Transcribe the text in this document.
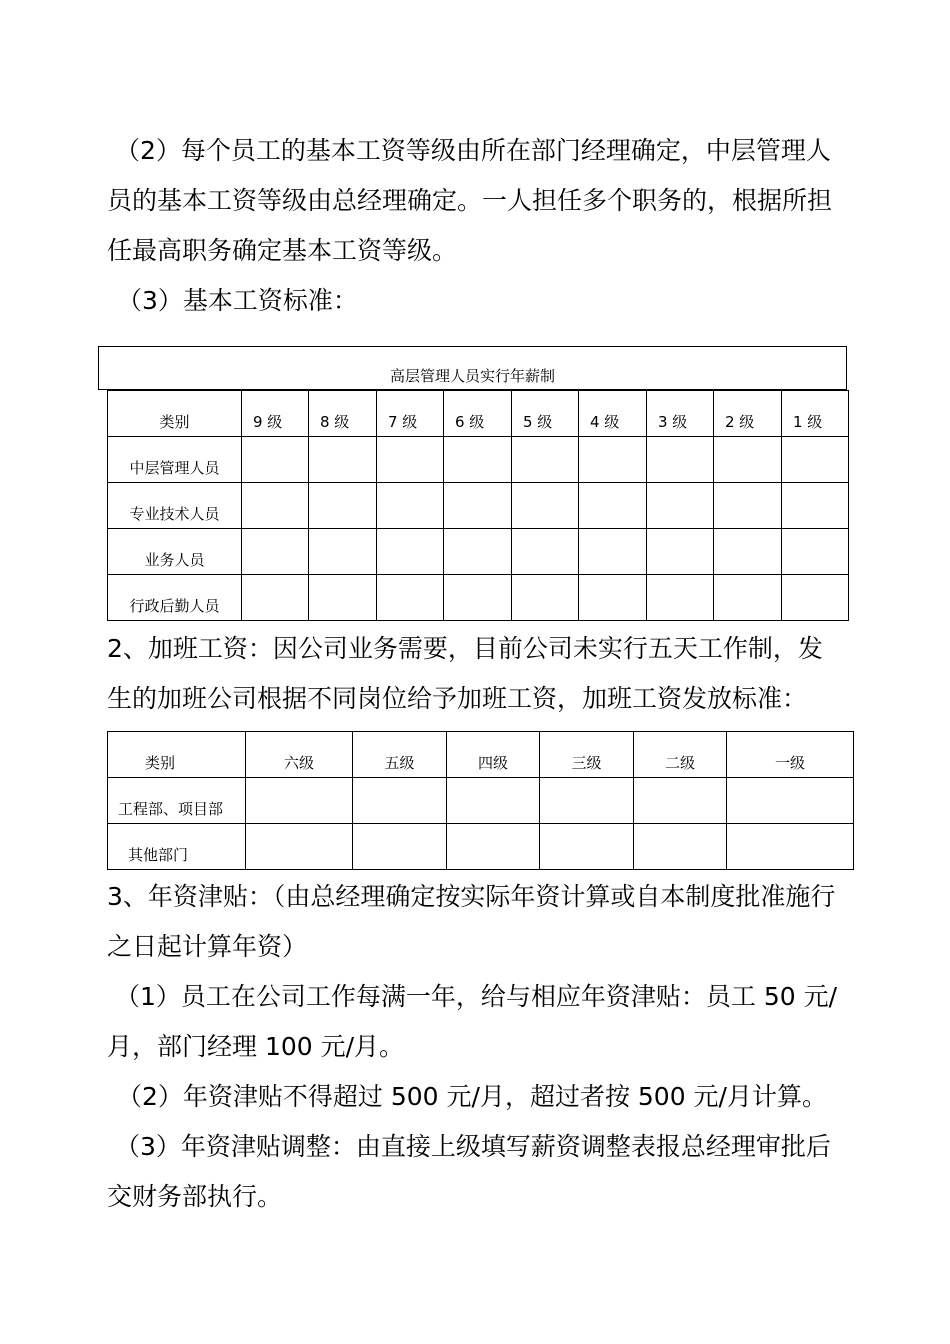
（2）每个员工的基本工资等级由所在部门经理确定，中层管理人员的基本工资等级由总经理确定。一人担任多个职务的，根据所担任最高职务确定基本工资等级。

（3）基本工资标准：

高层管理人员实行年薪制
类别	9 级	8 级	7 级	6 级	5 级	4 级	3 级	2 级	1 级
中层管理人员									
专业技术人员									
业务人员									
行政后勤人员									

2、加班工资：因公司业务需要，目前公司未实行五天工作制，发生的加班公司根据不同岗位给予加班工资，加班工资发放标准：

类别	六级	五级	四级	三级	二级	一级
工程部、项目部						
其他部门						

3、年资津贴：（由总经理确定按实际年资计算或自本制度批准施行之日起计算年资）

（1）员工在公司工作每满一年，给与相应年资津贴：员工 50 元/月，部门经理 100 元/月。

（2）年资津贴不得超过 500 元/月，超过者按 500 元/月计算。

（3）年资津贴调整：由直接上级填写薪资调整表报总经理审批后交财务部执行。
